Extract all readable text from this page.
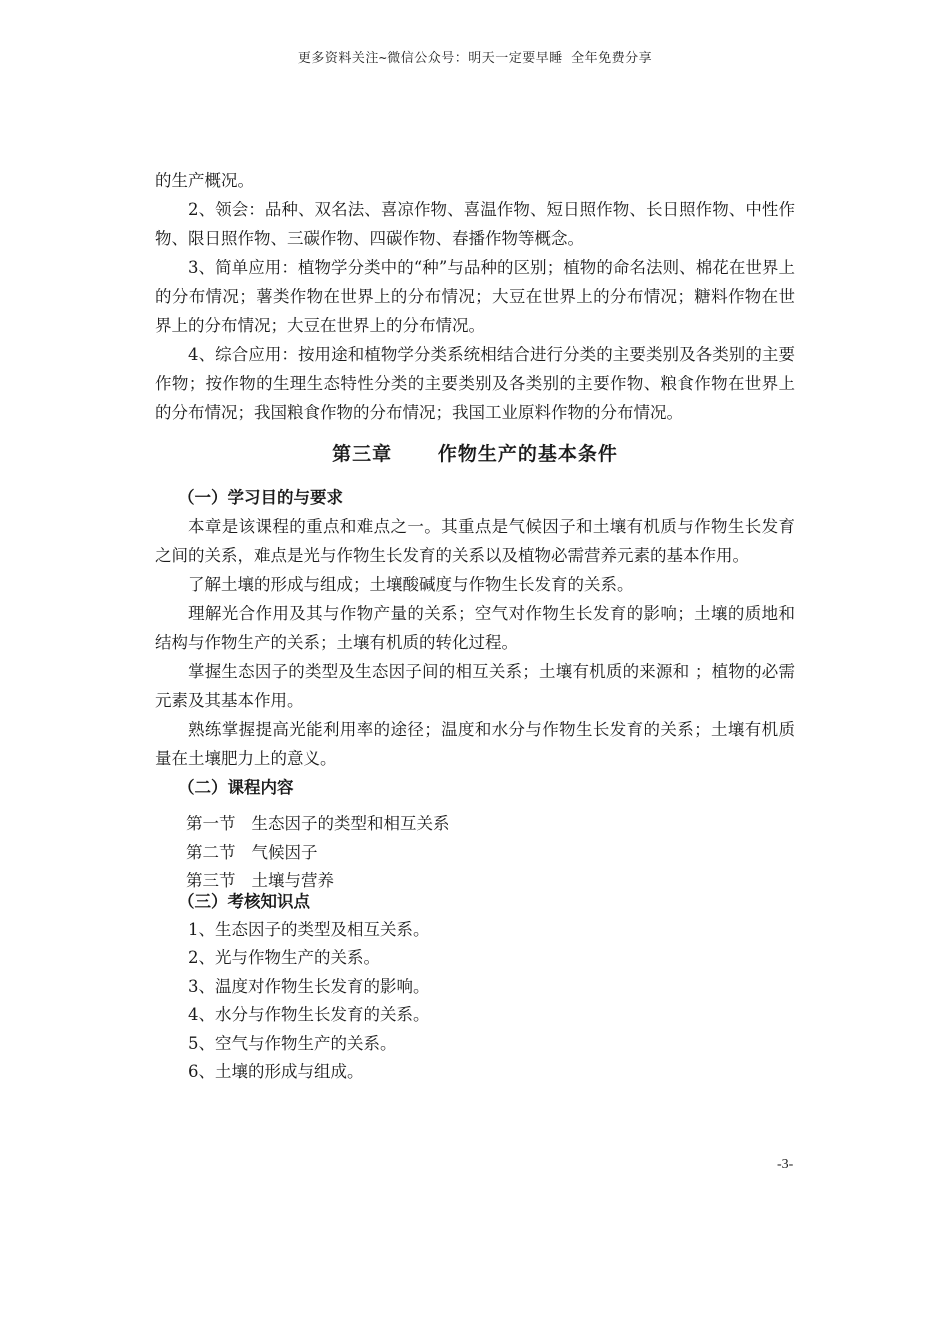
更多资料关注~微信公众号：明天一定要早睡 全年免费分享

的生产概况。

2、领会：品种、双名法、喜凉作物、喜温作物、短日照作物、长日照作物、中性作物、限日照作物、三碳作物、四碳作物、春播作物等概念。

3、简单应用：植物学分类中的“种”与品种的区别；植物的命名法则、棉花在世界上的分布情况；薯类作物在世界上的分布情况；大豆在世界上的分布情况；糖料作物在世界上的分布情况；大豆在世界上的分布情况。

4、综合应用：按用途和植物学分类系统相结合进行分类的主要类别及各类别的主要作物；按作物的生理生态特性分类的主要类别及各类别的主要作物、粮食作物在世界上的分布情况；我国粮食作物的分布情况；我国工业原料作物的分布情况。

第三章      作物生产的基本条件

（一）学习目的与要求

本章是该课程的重点和难点之一。其重点是气候因子和土壤有机质与作物生长发育之间的关系，难点是光与作物生长发育的关系以及植物必需营养元素的基本作用。

了解土壤的形成与组成；土壤酸碱度与作物生长发育的关系。

理解光合作用及其与作物产量的关系；空气对作物生长发育的影响；土壤的质地和结构与作物生产的关系；土壤有机质的转化过程。

掌握生态因子的类型及生态因子间的相互关系；土壤有机质的来源和 ；植物的必需元素及其基本作用。

熟练掌握提高光能利用率的途径；温度和水分与作物生长发育的关系；土壤有机质量在土壤肥力上的意义。

（二）课程内容

第一节 生态因子的类型和相互关系
第二节 气候因子
第三节 土壤与营养
（三）考核知识点
1、生态因子的类型及相互关系。
2、光与作物生产的关系。
3、温度对作物生长发育的影响。
4、水分与作物生长发育的关系。
5、空气与作物生产的关系。
6、土壤的形成与组成。
-3-
